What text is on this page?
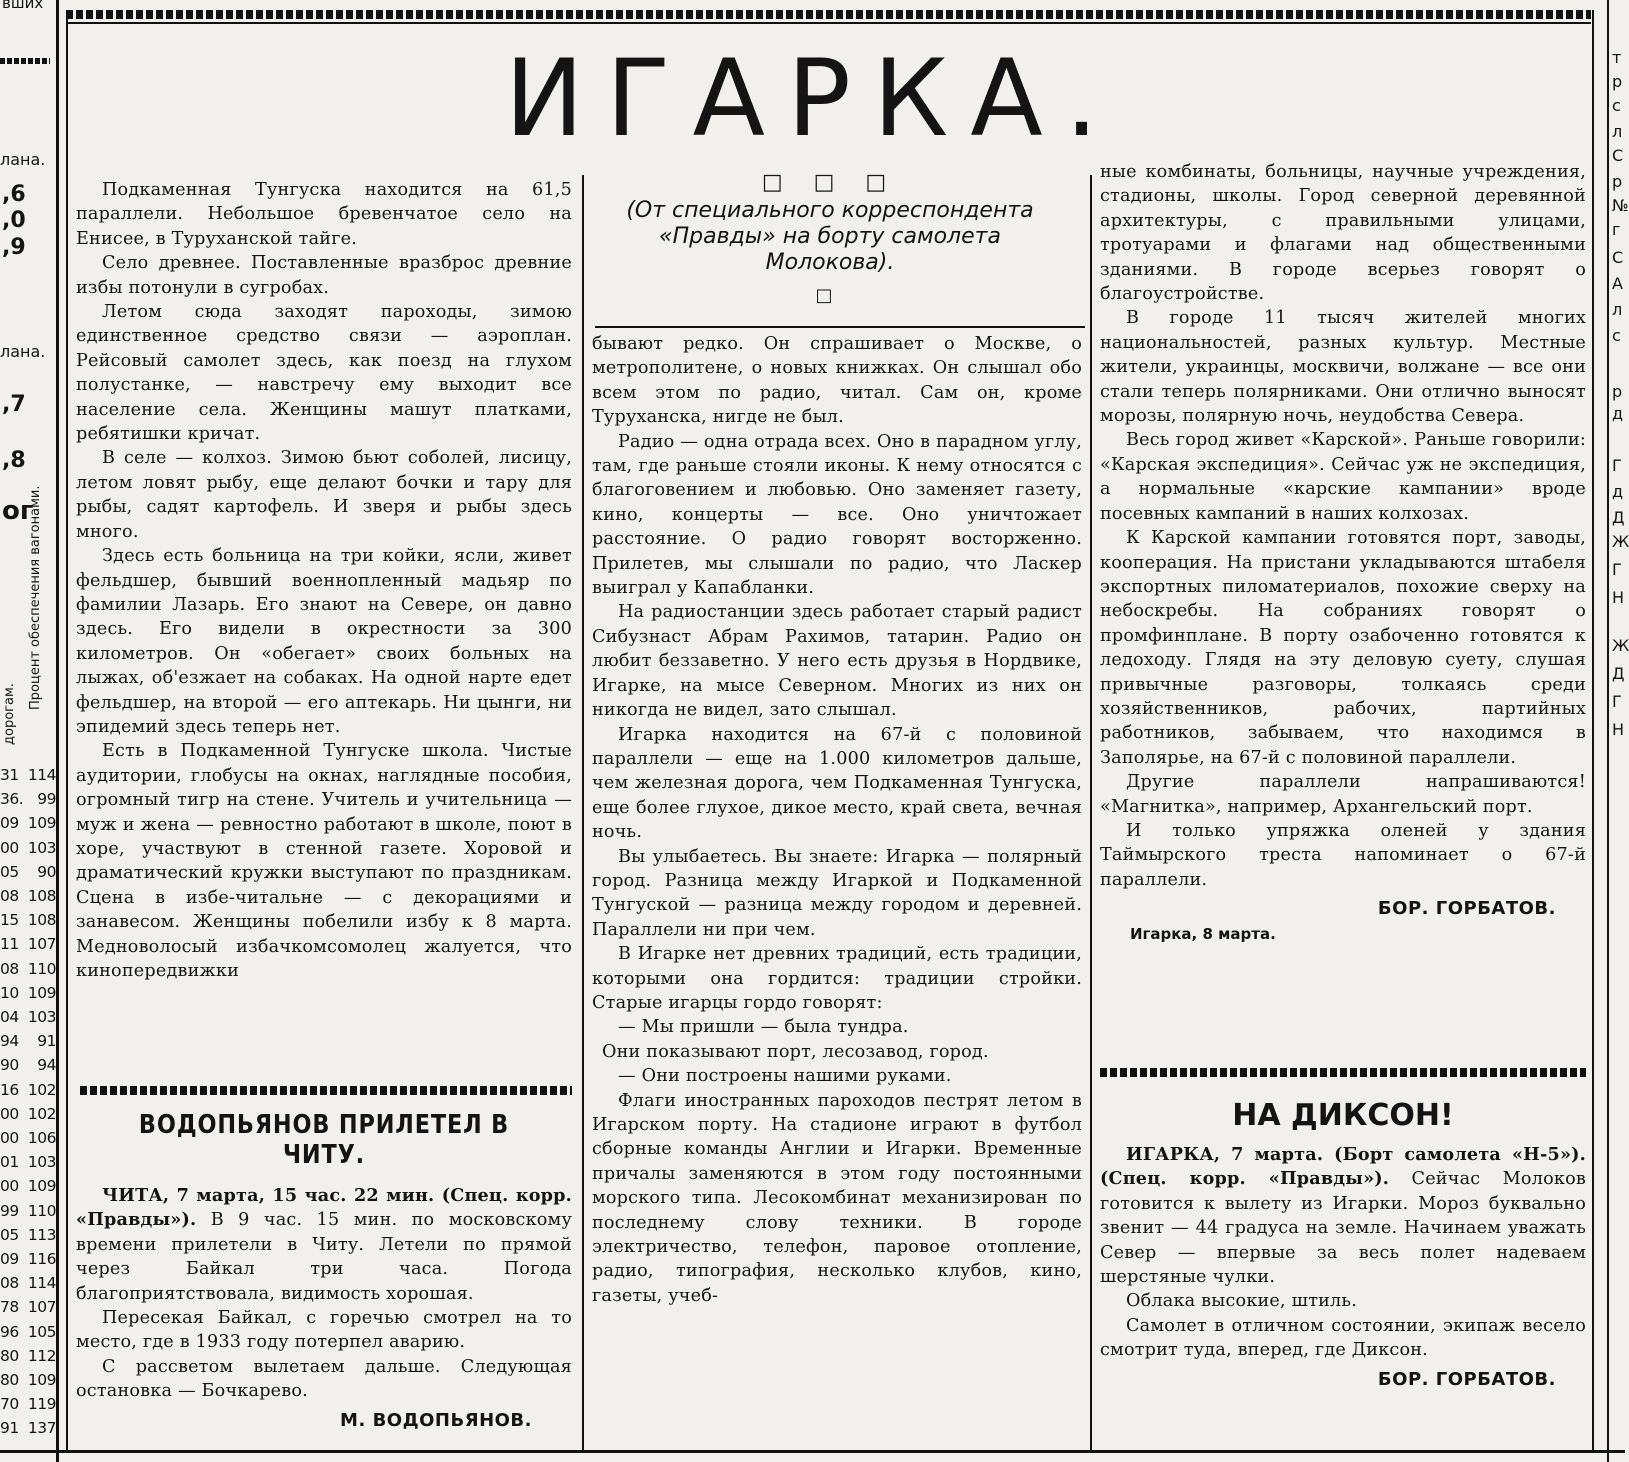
вших
лана.
,6
,0
,9
лана.
,7
,8
ог
Процент обеспечения вагонами.
дорогам.
31 114
36. 99
09 109
00 103
05 90
08 108
15 108
11 107
08 110
10 109
04 103
94 91
90 94
16 102
00 102
00 106
01 103
00 109
99 110
05 113
09 116
08 114
78 107
96 105
80 112
80 109
70 119
91 137
т
р
с
л
С
р
№
г
С
А
л
с
р
д
Г
д
Д
Ж
Г
Н
Ж
Д
Г
Н
ИГАРКА.
□ □ □
(От специального корреспондента «Правды» на борту самолета Молокова).
□

Подкаменная Тунгуска находится на 61,5 параллели. Небольшое бревенчатое село на Енисее, в Туруханской тайге.

Село древнее. Поставленные вразброс древние избы потонули в сугробах.

Летом сюда заходят пароходы, зимою единственное средство связи — аэроплан. Рейсовый самолет здесь, как поезд на глухом полустанке, — навстречу ему выходит все население села. Женщины машут платками, ребятишки кричат.

В селе — колхоз. Зимою бьют соболей, лисицу, летом ловят рыбу, еще делают бочки и тару для рыбы, садят картофель. И зверя и рыбы здесь много.

Здесь есть больница на три койки, ясли, живет фельдшер, бывший военнопленный мадьяр по фамилии Лазарь. Его знают на Севере, он давно здесь. Его видели в окрестности за 300 километров. Он «обегает» своих больных на лыжах, об'езжает на собаках. На одной нарте едет фельдшер, на второй — его аптекарь. Ни цынги, ни эпидемий здесь теперь нет.

Есть в Подкаменной Тунгуске школа. Чистые аудитории, глобусы на окнах, наглядные пособия, огромный тигр на стене. Учитель и учительница — муж и жена — ревностно работают в школе, поют в хоре, участвуют в стенной газете. Хоровой и драматический кружки выступают по праздникам. Сцена в избе-читальне — с декорациями и занавесом. Женщины побелили избу к 8 марта. Медноволосый избачкомсомолец жалуется, что кинопередвижки

ВОДОПЬЯНОВ ПРИЛЕТЕЛ В ЧИТУ.

ЧИТА, 7 марта, 15 час. 22 мин. (Спец. корр. «Правды»). В 9 час. 15 мин. по московскому времени прилетели в Читу. Летели по прямой через Байкал три часа. Погода благоприятствовала, видимость хорошая.

Пересекая Байкал, с горечью смотрел на то место, где в 1933 году потерпел аварию.

С рассветом вылетаем дальше. Следующая остановка — Бочкарево.

М. ВОДОПЬЯНОВ.

бывают редко. Он спрашивает о Москве, о метрополитене, о новых книжках. Он слышал обо всем этом по радио, читал. Сам он, кроме Туруханска, нигде не был.

Радио — одна отрада всех. Оно в парадном углу, там, где раньше стояли иконы. К нему относятся с благоговением и любовью. Оно заменяет газету, кино, концерты — все. Оно уничтожает расстояние. О радио говорят восторженно. Прилетев, мы слышали по радио, что Ласкер выиграл у Капабланки.

На радиостанции здесь работает старый радист Сибузнаст Абрам Рахимов, татарин. Радио он любит беззаветно. У него есть друзья в Нордвике, Игарке, на мысе Северном. Многих из них он никогда не видел, зато слышал.

Игарка находится на 67-й с половиной параллели — еще на 1.000 километров дальше, чем железная дорога, чем Подкаменная Тунгуска, еще более глухое, дикое место, край света, вечная ночь.

Вы улыбаетесь. Вы знаете: Игарка — полярный город. Разница между Игаркой и Подкаменной Тунгуской — разница между городом и деревней. Параллели ни при чем.

В Игарке нет древних традиций, есть традиции, которыми она гордится: традиции стройки. Старые игарцы гордо говорят:

— Мы пришли — была тундра.

Они показывают порт, лесозавод, город.

— Они построены нашими руками.

Флаги иностранных пароходов пестрят летом в Игарском порту. На стадионе играют в футбол сборные команды Англии и Игарки. Временные причалы заменяются в этом году постоянными морского типа. Лесокомбинат механизирован по последнему слову техники. В городе электричество, телефон, паровое отопление, радио, типография, несколько клубов, кино, газеты, учеб-

ные комбинаты, больницы, научные учреждения, стадионы, школы. Город северной деревянной архитектуры, с правильными улицами, тротуарами и флагами над общественными зданиями. В городе всерьез говорят о благоустройстве.

В городе 11 тысяч жителей многих национальностей, разных культур. Местные жители, украинцы, москвичи, волжане — все они стали теперь полярниками. Они отлично выносят морозы, полярную ночь, неудобства Севера.

Весь город живет «Карской». Раньше говорили: «Карская экспедиция». Сейчас уж не экспедиция, а нормальные «карские кампании» вроде посевных кампаний в наших колхозах.

К Карской кампании готовятся порт, заводы, кооперация. На пристани укладываются штабеля экспортных пиломатериалов, похожие сверху на небоскребы. На собраниях говорят о промфинплане. В порту озабоченно готовятся к ледоходу. Глядя на эту деловую суету, слушая привычные разговоры, толкаясь среди хозяйственников, рабочих, партийных работников, забываем, что находимся в Заполярье, на 67-й с половиной параллели.

Другие параллели напрашиваются! «Магнитка», например, Архангельский порт.

И только упряжка оленей у здания Таймырского треста напоминает о 67-й параллели.

БОР. ГОРБАТОВ.
Игарка, 8 марта.
НА ДИКСОН!

ИГАРКА, 7 марта. (Борт самолета «Н-5»). (Спец. корр. «Правды»). Сейчас Молоков готовится к вылету из Игарки. Мороз буквально звенит — 44 градуса на земле. Начинаем уважать Север — впервые за весь полет надеваем шерстяные чулки.

Облака высокие, штиль.

Самолет в отличном состоянии, экипаж весело смотрит туда, вперед, где Диксон.

БОР. ГОРБАТОВ.
